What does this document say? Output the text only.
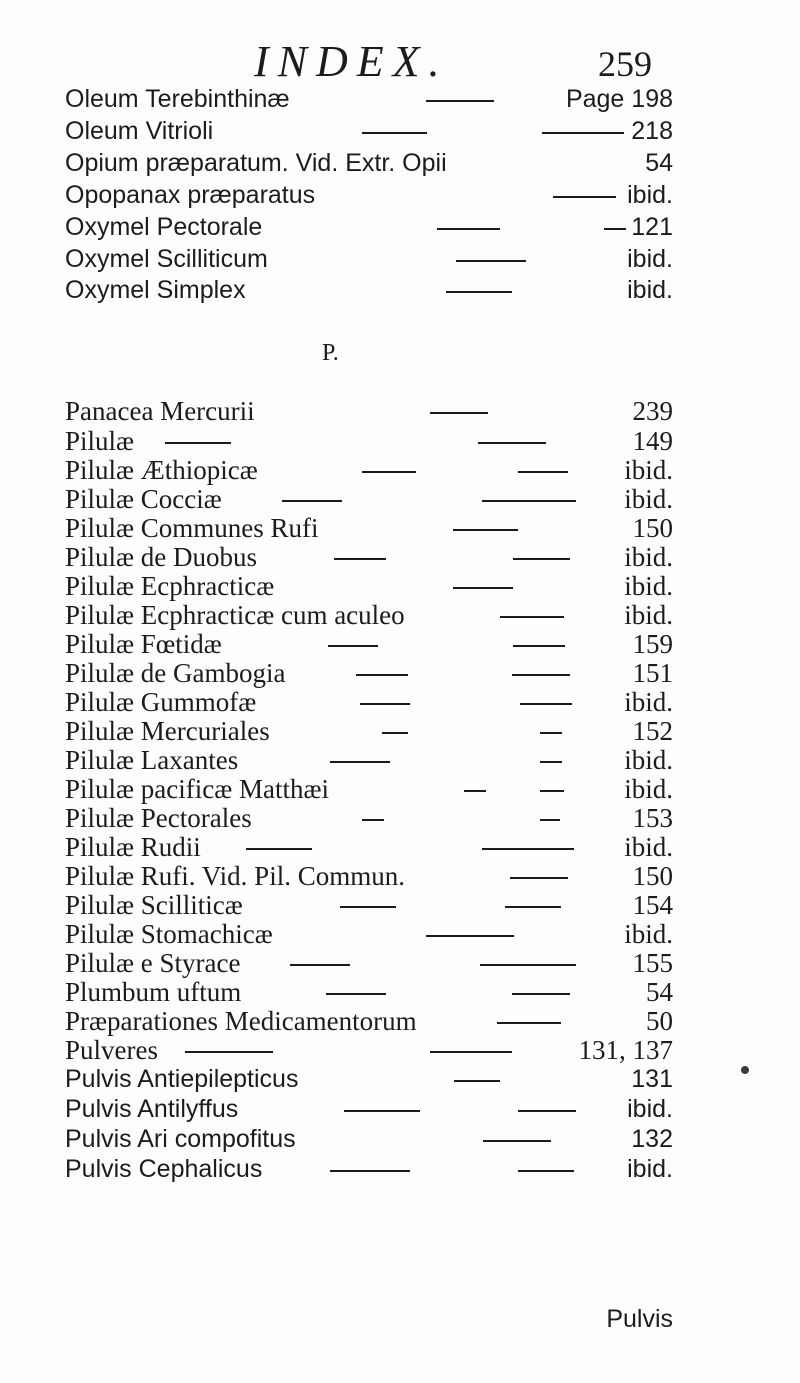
INDEX.	259
Oleum Terebinthinæ	Page 198
Oleum Vitrioli	218
Opium præparatum. Vid. Extr. Opii	54
Opopanax præparatus	ibid.
Oxymel Pectorale	121
Oxymel Scilliticum	ibid.
Oxymel Simplex	ibid.
P.
Panacea Mercurii	239
Pilulæ	149
Pilulæ Æthiopicæ	ibid.
Pilulæ Cocciæ	ibid.
Pilulæ Communes Rufi	150
Pilulæ de Duobus	ibid.
Pilulæ Ecphracticæ	ibid.
Pilulæ Ecphracticæ cum aculeo	ibid.
Pilulæ Fœtidæ	159
Pilulæ de Gambogia	151
Pilulæ Gummofæ	ibid.
Pilulæ Mercuriales	152
Pilulæ Laxantes	ibid.
Pilulæ pacificæ Matthæi	ibid.
Pilulæ Pectorales	153
Pilulæ Rudii	ibid.
Pilulæ Rufi. Vid. Pil. Commun.	150
Pilulæ Scilliticæ	154
Pilulæ Stomachicæ	ibid.
Pilulæ e Styrace	155
Plumbum uftum	54
Præparationes Medicamentorum	50
Pulveres	131, 137
Pulvis Antiepilepticus	131
Pulvis Antilyffus	ibid.
Pulvis Ari compofitus	132
Pulvis Cephalicus	ibid.
Pulvis
